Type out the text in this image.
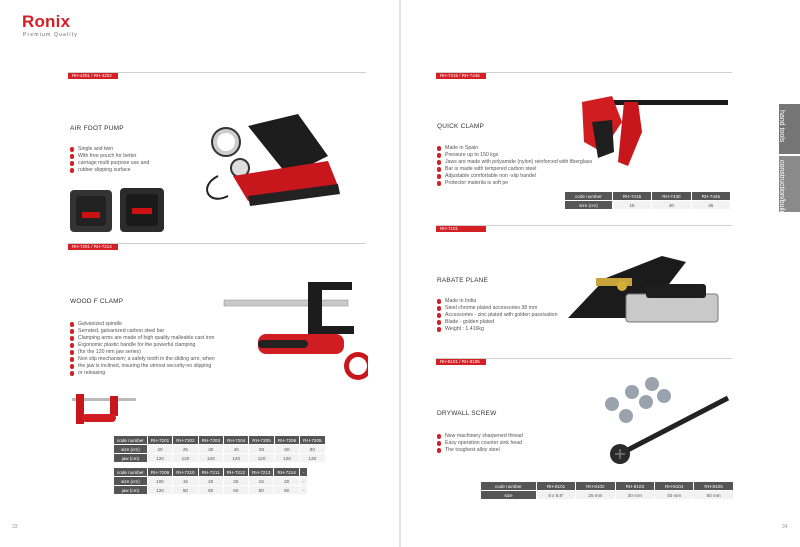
Ronix
Premium Quality
RH-4201 / RH-4202
AIR FOOT PUMP
Single and twin
With free pouch for better
carriage multi purpose use and
rubber slipping surface
RH-7201 / RH-7214
WOOD F CLAMP
Galvanized spindle
Serrated, galvanized carbon steel bar
Clamping arms are made of high quality malleable cast iron
Ergonomic plastic handle for the powerful clamping
(for the 120 mm jaw series)
Non slip mechanism; a safety tooth in the sliding arm, when
the jaw is inclined, insuring the utmost security-no slipping
or releasing
code number	RH-7201	RH-7202	RH-7203	RH-7204	RH-7205	RH-7206	RH-7205
size (cm)	20	25	30	40	50	60	80
jaw (cm)	120	120	120	120	120	120	120
code number	RH-7206	RH-7210	RH-7211	RH-7212	RH-7213	RH-7214	-
size (cm)	100	15	20	25	15	20	-
jaw (cm)	120	50	50	50	80	80	-
33
RH-7415 / RH-7445
QUICK CLAMP
Made in Spain
Pressure up to 150 kgs
Jaws are made with polyamide (nylon) reinforced with fiberglass
Bar is made with tempered carbon steel
Adjustable comfortable non -slip handel
Protector materila is soft pe
code number	RH-7415	RH-7430	RH-7445
size (cm)	15	30	45
RH-7101
RABATE PLANE
Made in India
Steel chrome plated accessories 38 mm
Accessories - zinc plated with golden passivation
Blade - golden plated
Weight : 1.416kg
RH-8101 / RH-8105
DRYWALL SCREW
New machinery sharpened thread
Easy operation counter sink head
The toughest alloy steel
code number	RH-8101	RH-8102	RH-8103	RH-8104	RH-8105
size	8 x 5.8"	25 mm	30 mm	40 mm	50 mm
hand tools
construction/building
34
